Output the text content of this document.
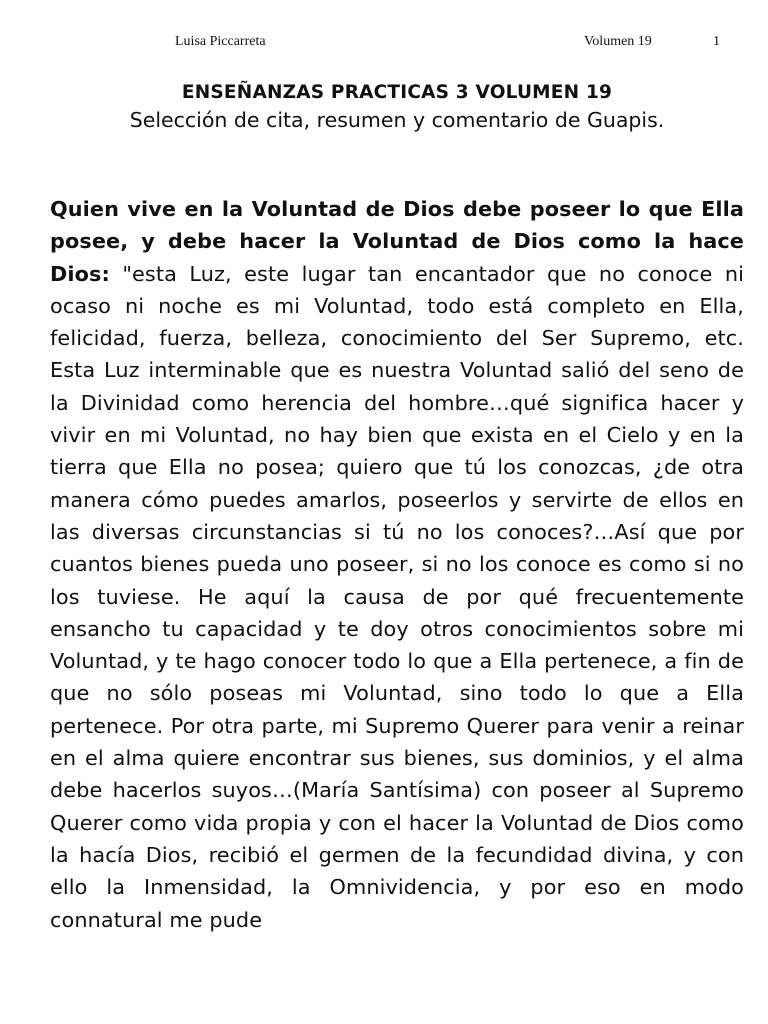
Luisa Piccarreta	Volumen 19	1
ENSEÑANZAS PRACTICAS 3 VOLUMEN 19
Selección de cita, resumen y comentario de Guapis.

Quien vive en la Voluntad de Dios debe poseer lo que Ella posee, y debe hacer la Voluntad de Dios como la hace Dios: "esta Luz, este lugar tan encantador que no conoce ni ocaso ni noche es mi Voluntad, todo está completo en Ella, felicidad, fuerza, belleza, conocimiento del Ser Supremo, etc. Esta Luz interminable que es nuestra Voluntad salió del seno de la Divinidad como herencia del hombre…qué significa hacer y vivir en mi Voluntad, no hay bien que exista en el Cielo y en la tierra que Ella no posea; quiero que tú los conozcas, ¿de otra manera cómo puedes amarlos, poseerlos y servirte de ellos en las diversas circunstancias si tú no los conoces?…Así que por cuantos bienes pueda uno poseer, si no los conoce es como si no los tuviese. He aquí la causa de por qué frecuentemente ensancho tu capacidad y te doy otros conocimientos sobre mi Voluntad, y te hago conocer todo lo que a Ella pertenece, a fin de que no sólo poseas mi Voluntad, sino todo lo que a Ella pertenece. Por otra parte, mi Supremo Querer para venir a reinar en el alma quiere encontrar sus bienes, sus dominios, y el alma debe hacerlos suyos…(María Santísima) con poseer al Supremo Querer como vida propia y con el hacer la Voluntad de Dios como la hacía Dios, recibió el germen de la fecundidad divina, y con ello la Inmensidad, la Omnividencia, y por eso en modo connatural me pude
